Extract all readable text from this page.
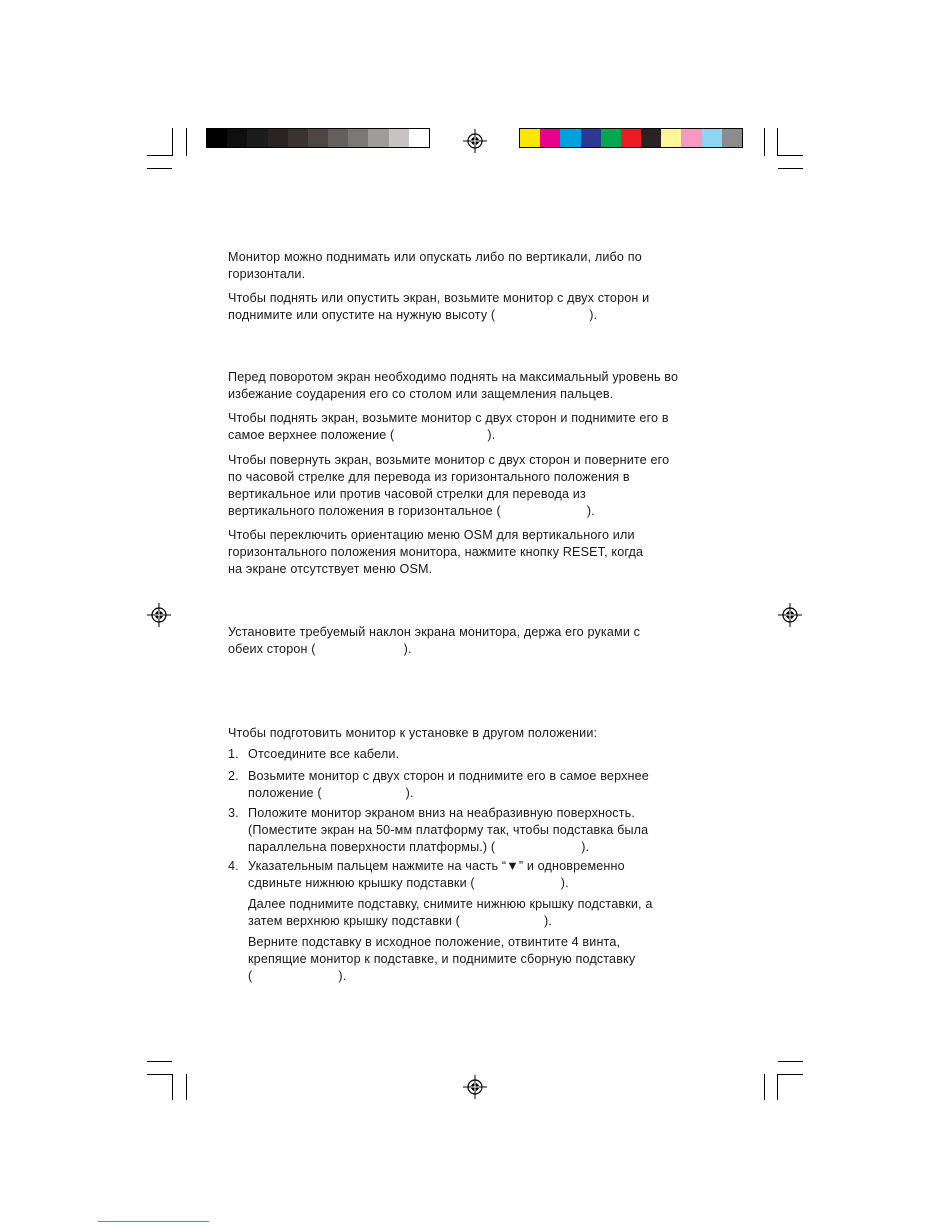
Монитор можно поднимать или опускать либо по вертикали, либо по
горизонтали.

Чтобы поднять или опустить экран, возьмите монитор с двух сторон и
поднимите или опустите на нужную высоту (	).

Перед поворотом экран необходимо поднять на максимальный уровень во
избежание соударения его со столом или защемления пальцев.

Чтобы поднять экран, возьмите монитор с двух сторон и поднимите его в
самое верхнее положение (	).

Чтобы повернуть экран, возьмите монитор с двух сторон и поверните его
по часовой стрелке для перевода из горизонтального положения в
вертикальное или против часовой стрелки для перевода из
вертикального положения в горизонтальное (	).

Чтобы переключить ориентацию меню OSM для вертикального или
горизонтального положения монитора, нажмите кнопку RESET, когда
на экране отсутствует меню OSM.

Установите требуемый наклон экрана монитора, держа его руками с
обеих сторон (	).

Чтобы подготовить монитор к установке в другом положении:

1. Отсоедините все кабели.
2. Возьмите монитор с двух сторон и поднимите его в самое верхнее
положение (	).
3. Положите монитор экраном вниз на неабразивную поверхность.
(Поместите экран на 50-мм платформу так, чтобы подставка была
параллельна поверхности платформы.) (	).
4. Указательным пальцем нажмите на часть “▼” и одновременно
сдвиньте нижнюю крышку подставки (	).

Далее поднимите подставку, снимите нижнюю крышку подставки, а
затем верхнюю крышку подставки (	).

Верните подставку в исходное положение, отвинтите 4 винта,
крепящие монитор к подставке, и поднимите сборную подставку
(	).
